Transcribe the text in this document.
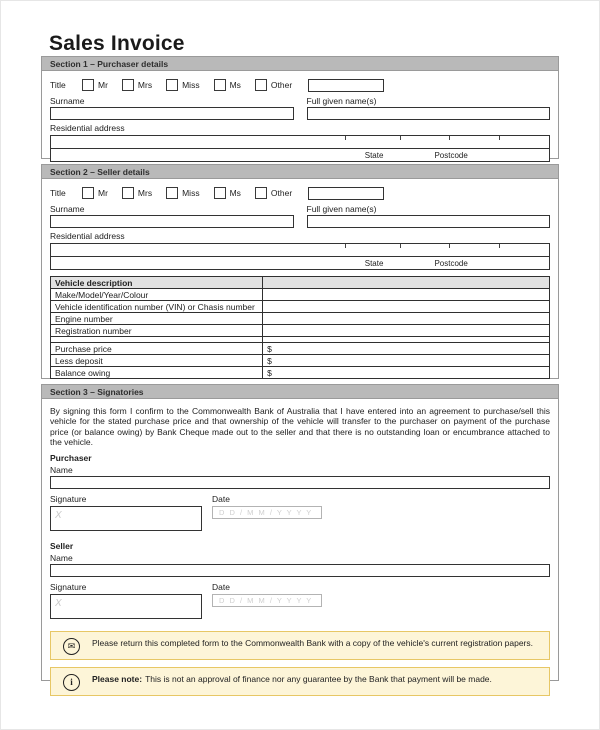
Sales Invoice
Section 1 – Purchaser details
Title	Mr	Mrs	Miss	Ms	Other
Surname	Full given name(s)
Residential address
State	Postcode
Section 2 – Seller details
Title	Mr	Mrs	Miss	Ms	Other
Surname	Full given name(s)
Residential address
State	Postcode
Vehicle description	
Make/Model/Year/Colour	
Vehicle identification number (VIN) or Chasis number	
Engine number	
Registration number	

Purchase price	$
Less deposit	$
Balance owing	$
Section 3 – Signatories

By signing this form I confirm to the Commonwealth Bank of Australia that I have entered into an agreement to purchase/sell this vehicle for the stated purchase price and that ownership of the vehicle will transfer to the purchaser on payment of the purchase price (or balance owing) by Bank Cheque made out to the seller and that there is no outstanding loan or encumbrance attached to the vehicle.

Purchaser
Name
Signature
X
Date
D D / M M / Y Y Y Y
Seller
Name
Signature
X
Date
D D / M M / Y Y Y Y
✉	Please return this completed form to the Commonwealth Bank with a copy of the vehicle's current registration papers.
i	Please note: This is not an approval of finance nor any guarantee by the Bank that payment will be made.
